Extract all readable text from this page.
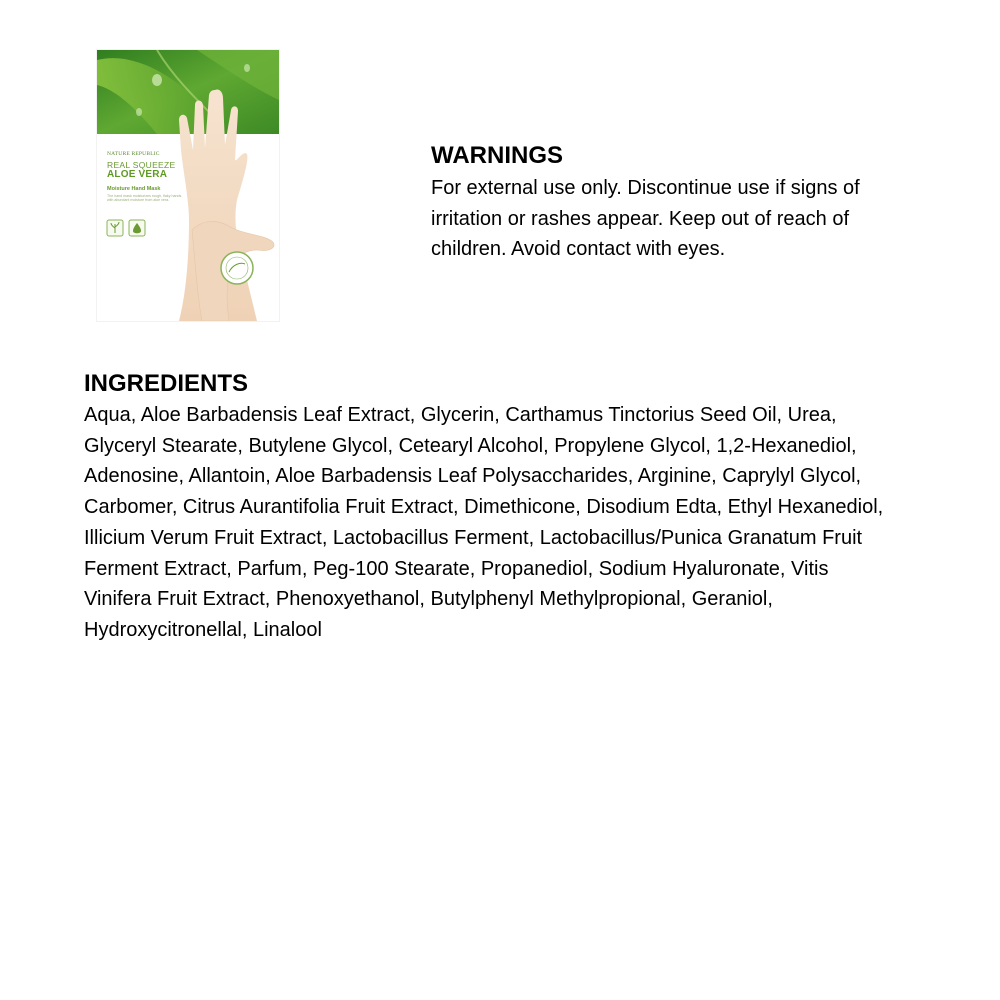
NATURE REPUBLIC

REAL SQUEEZE

ALOE VERA

Moisture Hand Mask

The hand mask moisturizes rough, flaky hands with abundant moisture from aloe vera.

WARNINGS

For external use only. Discontinue use if signs of irritation or rashes appear. Keep out of reach of children. Avoid contact with eyes.

INGREDIENTS

Aqua, Aloe Barbadensis Leaf Extract, Glycerin, Carthamus Tinctorius Seed Oil, Urea, Glyceryl Stearate, Butylene Glycol, Cetearyl Alcohol, Propylene Glycol, 1,2-Hexanediol, Adenosine, Allantoin, Aloe Barbadensis Leaf Polysaccharides, Arginine, Caprylyl Glycol, Carbomer, Citrus Aurantifolia Fruit Extract, Dimethicone, Disodium Edta, Ethyl Hexanediol, Illicium Verum Fruit Extract, Lactobacillus Ferment, Lactobacillus/Punica Granatum Fruit Ferment Extract, Parfum, Peg-100 Stearate, Propanediol, Sodium Hyaluronate, Vitis Vinifera Fruit Extract, Phenoxyethanol, Butylphenyl Methylpropional, Geraniol, Hydroxycitronellal, Linalool
